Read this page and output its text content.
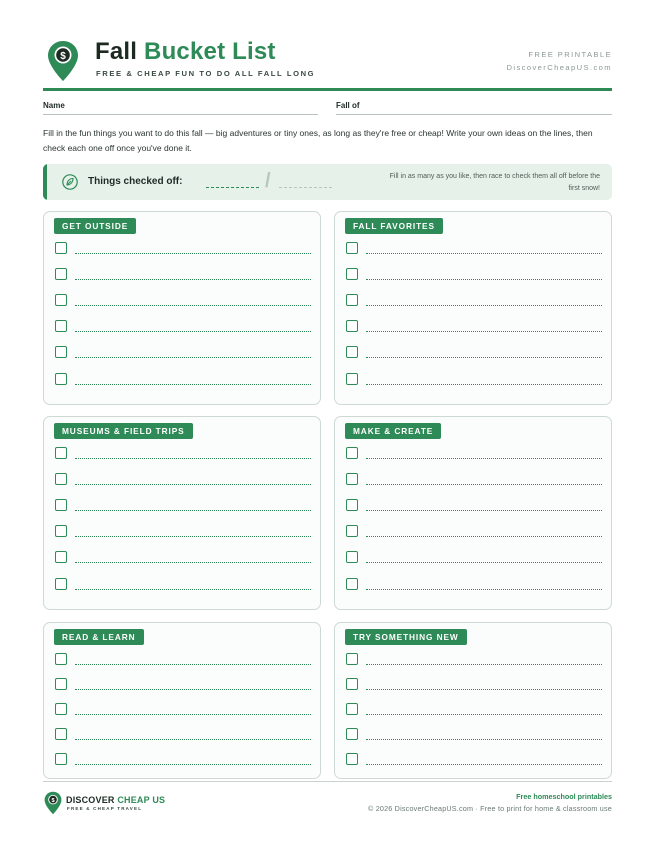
$ Fall Bucket List
FREE & CHEAP FUN TO DO ALL FALL LONG
FREE PRINTABLE
DiscoverCheapUS.com
Name	Fall of

Fill in the fun things you want to do this fall — big adventures or tiny ones, as long as they're free or cheap! Write your own ideas on the lines, then check each one off once you've done it.

Things checked off:	/	Fill in as many as you like, then race to check them all off before the first snow!
GET OUTSIDE	FALL FAVORITES
MUSEUMS & FIELD TRIPS	MAKE & CREATE
READ & LEARN	TRY SOMETHING NEW
$ DISCOVER CHEAP US
FREE & CHEAP TRAVEL
Free homeschool printables
© 2026 DiscoverCheapUS.com · Free to print for home & classroom use
